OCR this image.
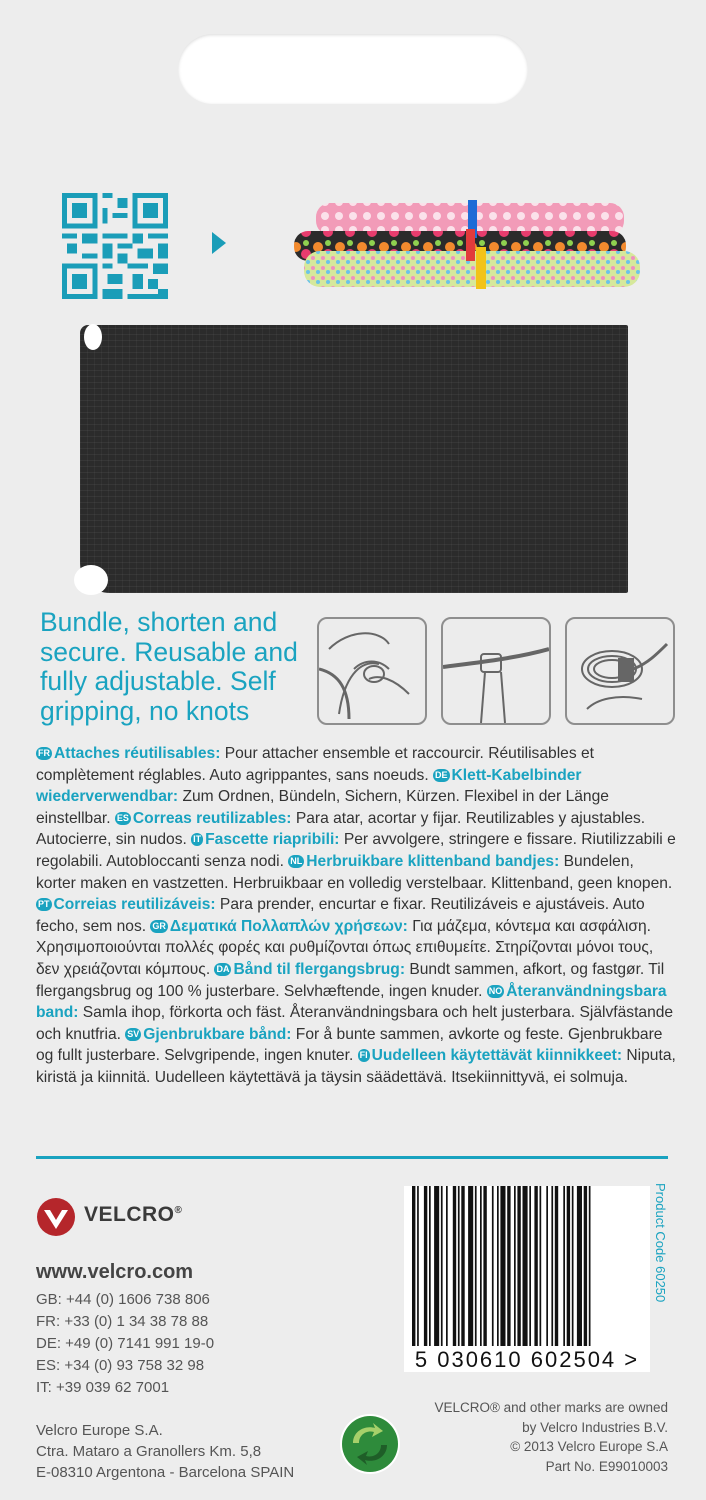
Bundle, shorten and
secure. Reusable and
fully adjustable. Self
gripping, no knots
FR Attaches réutilisables: Pour attacher ensemble et raccourcir. Réutilisables et complètement réglables. Auto agrippantes, sans noeuds. DE Klett-Kabelbinder wiederverwendbar: Zum Ordnen, Bündeln, Sichern, Kürzen. Flexibel in der Länge einstellbar. ES Correas reutilizables: Para atar, acortar y fijar. Reutilizables y ajustables. Autocierre, sin nudos. IT Fascette riapribili: Per avvolgere, stringere e fissare. Riutilizzabili e regolabili. Autobloccanti senza nodi. NL Herbruikbare klittenband bandjes: Bundelen, korter maken en vastzetten. Herbruikbaar en volledig verstelbaar. Klittenband, geen knopen. PT Correias reutilizáveis: Para prender, encurtar e fixar. Reutilizáveis e ajustáveis. Auto fecho, sem nos. GR Δεματικά Πολλαπλών χρήσεων: Για μάζεμα, κόντεμα και ασφάλιση. Χρησιμοποιούνται πολλές φορές και ρυθμίζονται όπως επιθυμείτε. Στηρίζονται μόνοι τους, δεν χρειάζονται κόμπους. DA Bånd til flergangsbrug: Bundt sammen, afkort, og fastgør. Til flergangsbrug og 100 % justerbare. Selvhæftende, ingen knuder. NO Återanvändningsbara band: Samla ihop, förkorta och fäst. Återanvändningsbara och helt justerbara. Självfästande och knutfria. SV Gjenbrukbare bånd: For å bunte sammen, avkorte og feste. Gjenbrukbare og fullt justerbare. Selvgripende, ingen knuter. FI Uudelleen käytettävät kiinnikkeet: Niputa, kiristä ja kiinnitä. Uudelleen käytettävä ja täysin säädettävä. Itsekiinnittyvä, ei solmuja.
VELCRO®
www.velcro.com
GB: +44 (0) 1606 738 806
FR: +33 (0) 1 34 38 78 88
DE: +49 (0) 7141 991 19-0
ES: +34 (0) 93 758 32 98
IT: +39 039 62 7001
Velcro Europe S.A.
Ctra. Mataro a Granollers Km. 5,8
E-08310 Argentona - Barcelona SPAIN
5 030610 602504 >
Product Code 60250
VELCRO® and other marks are owned
by Velcro Industries B.V.
© 2013 Velcro Europe S.A
Part No. E99010003
